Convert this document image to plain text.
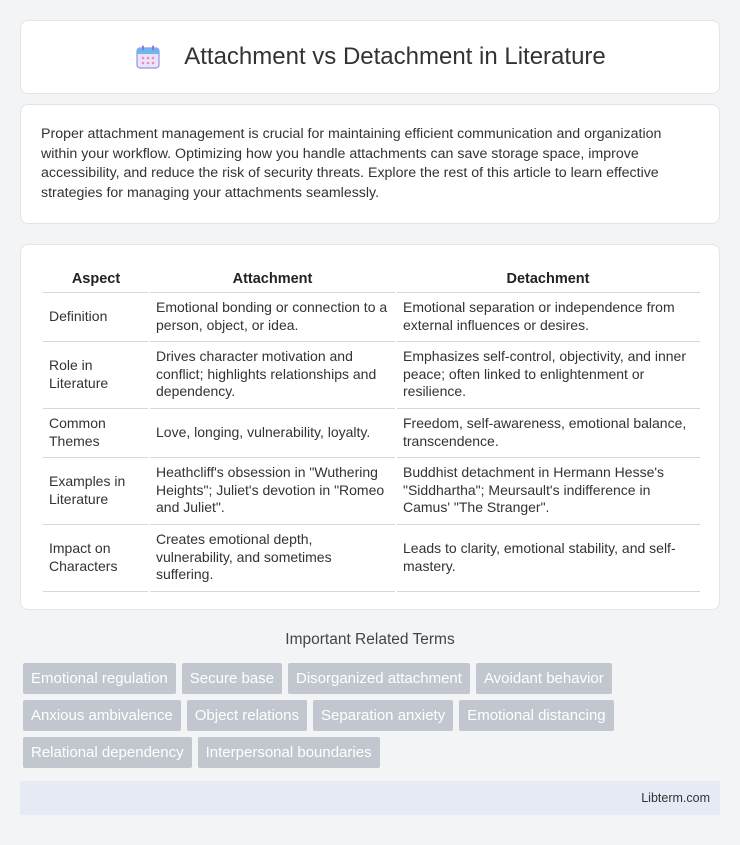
Attachment vs Detachment in Literature

Proper attachment management is crucial for maintaining efficient communication and organization within your workflow. Optimizing how you handle attachments can save storage space, improve accessibility, and reduce the risk of security threats. Explore the rest of this article to learn effective strategies for managing your attachments seamlessly.

Aspect	Attachment	Detachment
Definition	Emotional bonding or connection to a person, object, or idea.	Emotional separation or independence from external influences or desires.
Role in Literature	Drives character motivation and conflict; highlights relationships and dependency.	Emphasizes self-control, objectivity, and inner peace; often linked to enlightenment or resilience.
Common Themes	Love, longing, vulnerability, loyalty.	Freedom, self-awareness, emotional balance, transcendence.
Examples in Literature	Heathcliff's obsession in "Wuthering Heights"; Juliet's devotion in "Romeo and Juliet".	Buddhist detachment in Hermann Hesse's "Siddhartha"; Meursault's indifference in Camus' "The Stranger".
Impact on Characters	Creates emotional depth, vulnerability, and sometimes suffering.	Leads to clarity, emotional stability, and self-mastery.
Important Related Terms
Emotional regulation	Secure base	Disorganized attachment	Avoidant behavior
Anxious ambivalence	Object relations	Separation anxiety	Emotional distancing
Relational dependency	Interpersonal boundaries
Libterm.com
